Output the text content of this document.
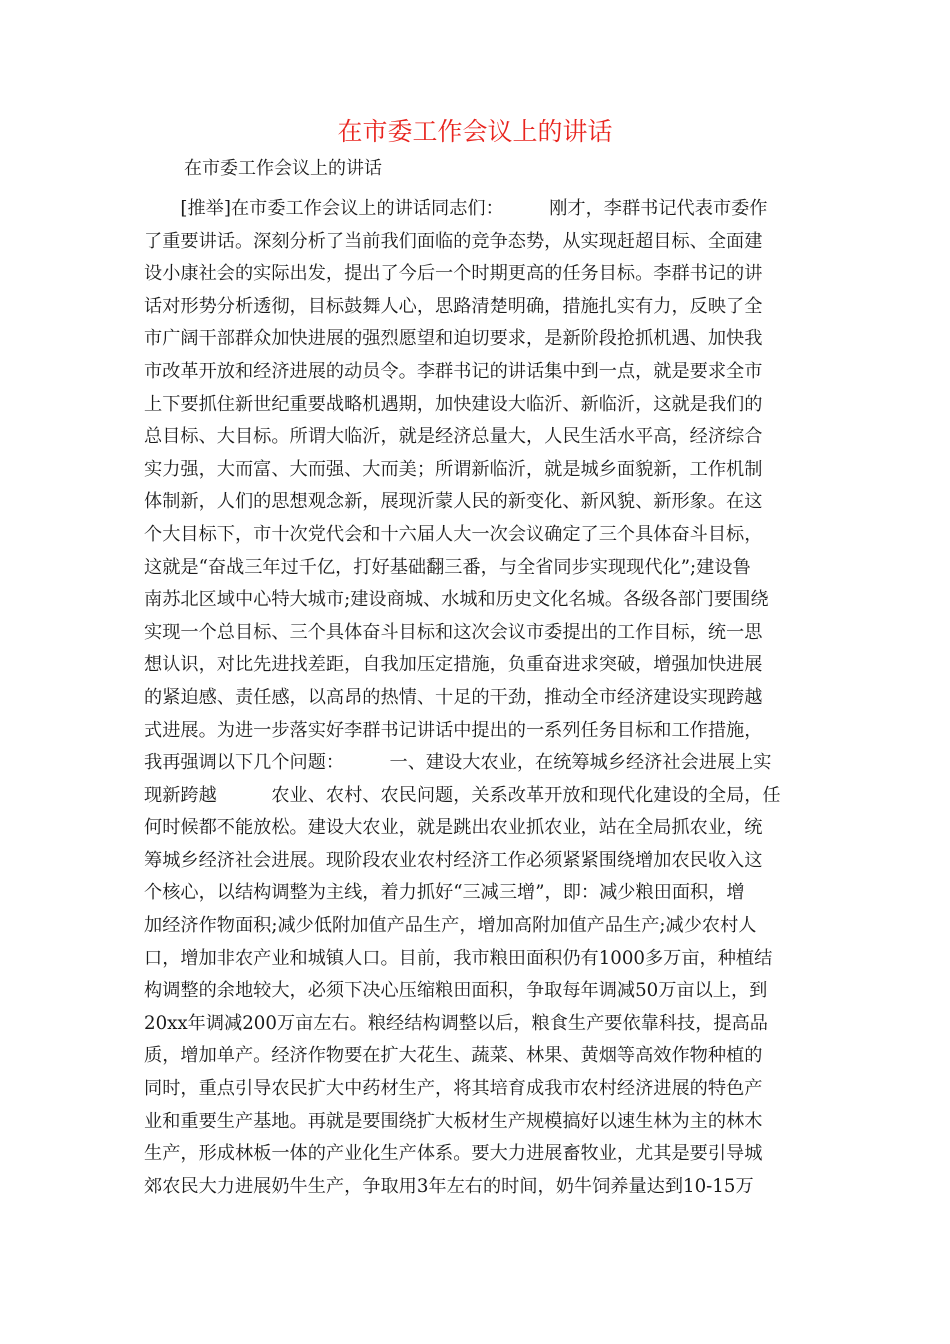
在市委工作会议上的讲话

在市委工作会议上的讲话

　　[推举]在市委工作会议上的讲话同志们：　　　刚才，李群书记代表市委作
了重要讲话。深刻分析了当前我们面临的竞争态势，从实现赶超目标、全面建
设小康社会的实际出发，提出了今后一个时期更高的任务目标。李群书记的讲
话对形势分析透彻，目标鼓舞人心，思路清楚明确，措施扎实有力，反映了全
市广阔干部群众加快进展的强烈愿望和迫切要求，是新阶段抢抓机遇、加快我
市改革开放和经济进展的动员令。李群书记的讲话集中到一点，就是要求全市
上下要抓住新世纪重要战略机遇期，加快建设大临沂、新临沂，这就是我们的
总目标、大目标。所谓大临沂，就是经济总量大，人民生活水平高，经济综合
实力强，大而富、大而强、大而美；所谓新临沂，就是城乡面貌新，工作机制
体制新，人们的思想观念新，展现沂蒙人民的新变化、新风貌、新形象。在这
个大目标下，市十次党代会和十六届人大一次会议确定了三个具体奋斗目标，
这就是“奋战三年过千亿，打好基础翻三番，与全省同步实现现代化”;建设鲁
南苏北区域中心特大城市;建设商城、水城和历史文化名城。各级各部门要围绕
实现一个总目标、三个具体奋斗目标和这次会议市委提出的工作目标，统一思
想认识，对比先进找差距，自我加压定措施，负重奋进求突破，增强加快进展
的紧迫感、责任感，以高昂的热情、十足的干劲，推动全市经济建设实现跨越
式进展。为进一步落实好李群书记讲话中提出的一系列任务目标和工作措施，
我再强调以下几个问题：　　　一、建设大农业，在统筹城乡经济社会进展上实
现新跨越　　　农业、农村、农民问题，关系改革开放和现代化建设的全局，任
何时候都不能放松。建设大农业，就是跳出农业抓农业，站在全局抓农业，统
筹城乡经济社会进展。现阶段农业农村经济工作必须紧紧围绕增加农民收入这
个核心，以结构调整为主线，着力抓好“三减三增”，即：减少粮田面积，增
加经济作物面积;减少低附加值产品生产，增加高附加值产品生产;减少农村人
口，增加非农产业和城镇人口。目前，我市粮田面积仍有1000多万亩，种植结
构调整的余地较大，必须下决心压缩粮田面积，争取每年调减50万亩以上，到
20xx年调减200万亩左右。粮经结构调整以后，粮食生产要依靠科技，提高品
质，增加单产。经济作物要在扩大花生、蔬菜、林果、黄烟等高效作物种植的
同时，重点引导农民扩大中药材生产，将其培育成我市农村经济进展的特色产
业和重要生产基地。再就是要围绕扩大板材生产规模搞好以速生林为主的林木
生产，形成林板一体的产业化生产体系。要大力进展畜牧业，尤其是要引导城
郊农民大力进展奶牛生产，争取用3年左右的时间，奶牛饲养量达到10-15万
